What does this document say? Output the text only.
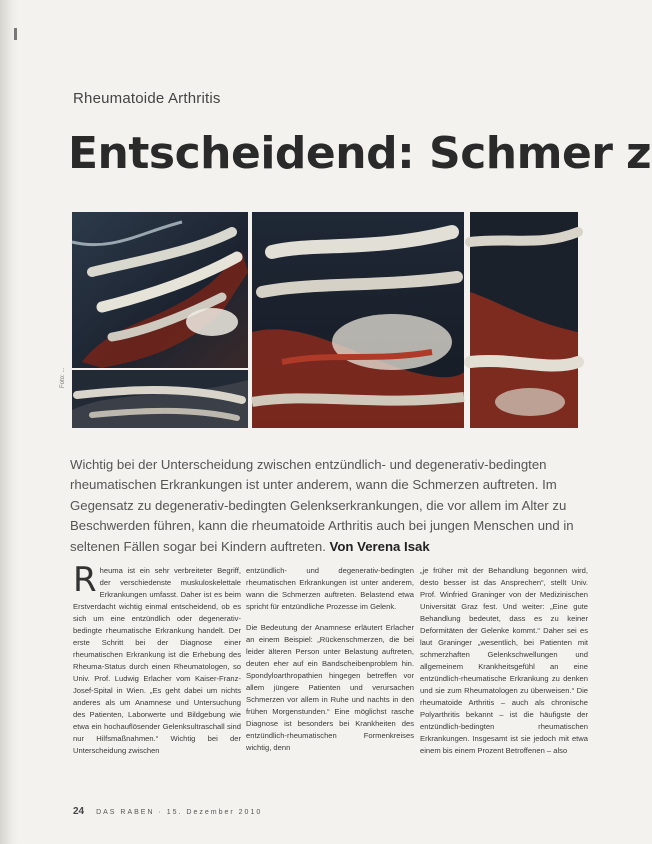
Rheumatoide Arthritis
Entscheidend: Schmer z
Foto: ...
Wichtig bei der Unterscheidung zwischen entzündlich- und degenerativ-bedingten rheumatischen Erkrankungen ist unter anderem, wann die Schmerzen auftreten. Im Gegensatz zu degenerativ-bedingten Gelenkserkrankungen, die vor allem im Alter zu Beschwerden führen, kann die rheumatoide Arthritis auch bei jungen Menschen und in seltenen Fällen sogar bei Kindern auftreten. Von Verena Isak

Rheuma ist ein sehr verbreiteter Begriff, der verschiedenste muskuloskelettale Erkrankungen umfasst. Daher ist es beim Erstverdacht wichtig einmal entscheidend, ob es sich um eine entzündlich oder degenerativ-bedingte rheumatische Erkrankung handelt. Der erste Schritt bei der Diagnose einer rheumatischen Erkrankung ist die Erhebung des Rheuma-Status durch einen Rheumatologen, so Univ. Prof. Ludwig Erlacher vom Kaiser-Franz-Josef-Spital in Wien. „Es geht dabei um nichts anderes als um Anamnese und Untersuchung des Patienten, Laborwerte und Bildgebung wie etwa ein hochauflösender Gelenksultraschall sind nur Hilfsmaßnahmen.“ Wichtig bei der Unterscheidung zwischen

entzündlich- und degenerativ-bedingten rheumatischen Erkrankungen ist unter anderem, wann die Schmerzen auftreten. Belastend etwa spricht für entzündliche Prozesse im Gelenk.

Die Bedeutung der Anamnese erläutert Erlacher an einem Beispiel: „Rückenschmerzen, die bei leider älteren Person unter Belastung auftreten, deuten eher auf ein Bandscheibenproblem hin. Spondyloarthropathien hingegen betreffen vor allem jüngere Patienten und verursachen Schmerzen vor allem in Ruhe und nachts in den frühen Morgenstunden.“ Eine möglichst rasche Diagnose ist besonders bei Krankheiten des entzündlich-rheumatischen Formenkreises wichtig, denn

„je früher mit der Behandlung begonnen wird, desto besser ist das Ansprechen“, stellt Univ. Prof. Winfried Graninger von der Medizinischen Universität Graz fest. Und weiter: „Eine gute Behandlung bedeutet, dass es zu keiner Deformitäten der Gelenke kommt.“ Daher sei es laut Graninger „wesentlich, bei Patienten mit schmerzhaften Gelenkschwellungen und allgemeinem Krankheitsgefühl an eine entzündlich-rheumatische Erkrankung zu denken und sie zum Rheumatologen zu überweisen.“ Die rheumatoide Arthritis – auch als chronische Polyarthritis bekannt – ist die häufigste der entzündlich-bedingten rheumatischen Erkrankungen. Insgesamt ist sie jedoch mit etwa einem bis einem Prozent Betroffenen – also

24 DAS RABEN · 15. Dezember 2010
